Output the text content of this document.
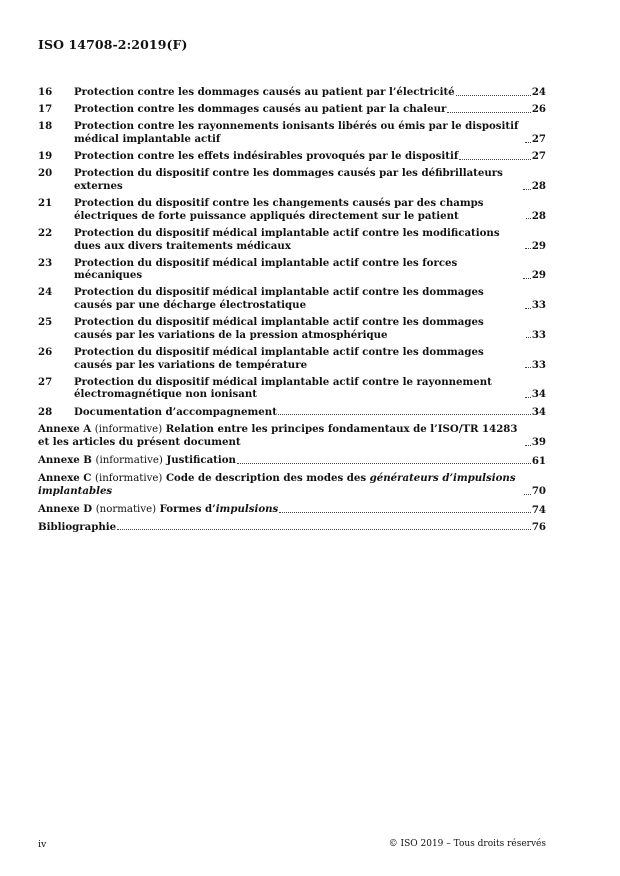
ISO 14708-2:2019(F)
16	Protection contre les dommages causés au patient par l’électricité	24
17	Protection contre les dommages causés au patient par la chaleur	26
18	Protection contre les rayonnements ionisants libérés ou émis par le dispositif médical implantable actif	27
19	Protection contre les effets indésirables provoqués par le dispositif	27
20	Protection du dispositif contre les dommages causés par les défibrillateurs externes	28
21	Protection du dispositif contre les changements causés par des champs électriques de forte puissance appliqués directement sur le patient	28
22	Protection du dispositif médical implantable actif contre les modifications dues aux divers traitements médicaux	29
23	Protection du dispositif médical implantable actif contre les forces mécaniques	29
24	Protection du dispositif médical implantable actif contre les dommages causés par une décharge électrostatique	33
25	Protection du dispositif médical implantable actif contre les dommages causés par les variations de la pression atmosphérique	33
26	Protection du dispositif médical implantable actif contre les dommages causés par les variations de température	33
27	Protection du dispositif médical implantable actif contre le rayonnement électromagnétique non ionisant	34
28	Documentation d’accompagnement	34
Annexe A (informative) Relation entre les principes fondamentaux de l’ISO/TR 14283 et les articles du présent document	39
Annexe B (informative) Justification	61
Annexe C (informative) Code de description des modes des générateurs d’impulsions implantables	70
Annexe D (normative) Formes d’impulsions	74
Bibliographie	76
iv	© ISO 2019 – Tous droits réservés
